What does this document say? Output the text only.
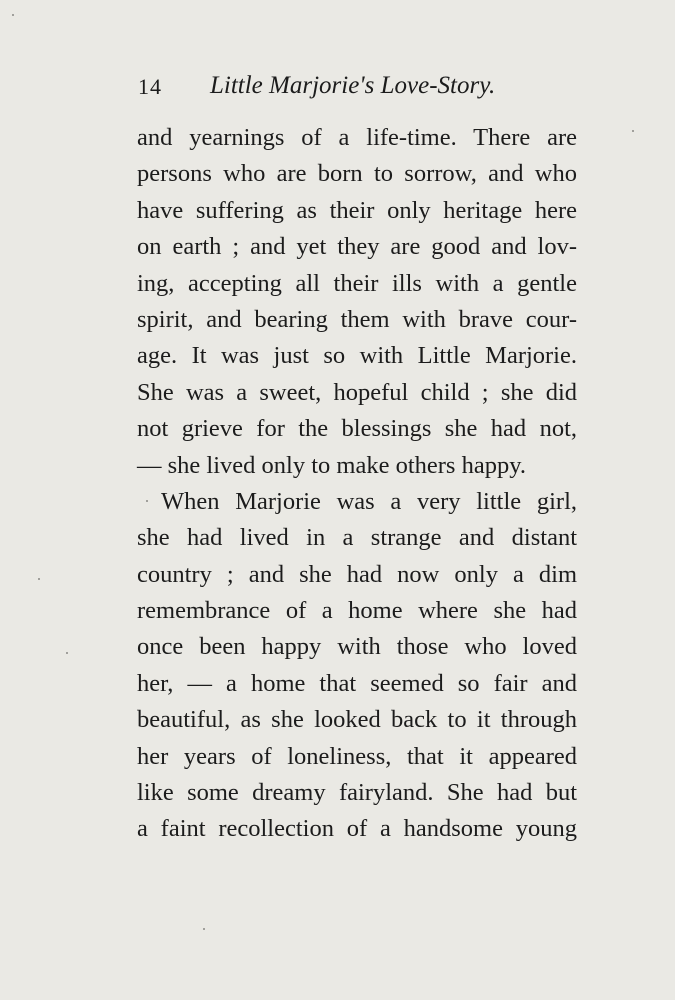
14 Little Marjorie's Love-Story.
and yearnings of a life-time. There are
persons who are born to sorrow, and who
have suffering as their only heritage here
on earth ; and yet they are good and lov-
ing, accepting all their ills with a gentle
spirit, and bearing them with brave cour-
age. It was just so with Little Marjorie.
She was a sweet, hopeful child ; she did
not grieve for the blessings she had not,
— she lived only to make others happy.
When Marjorie was a very little girl,
she had lived in a strange and distant
country ; and she had now only a dim
remembrance of a home where she had
once been happy with those who loved
her, — a home that seemed so fair and
beautiful, as she looked back to it through
her years of loneliness, that it appeared
like some dreamy fairyland. She had but
a faint recollection of a handsome young
